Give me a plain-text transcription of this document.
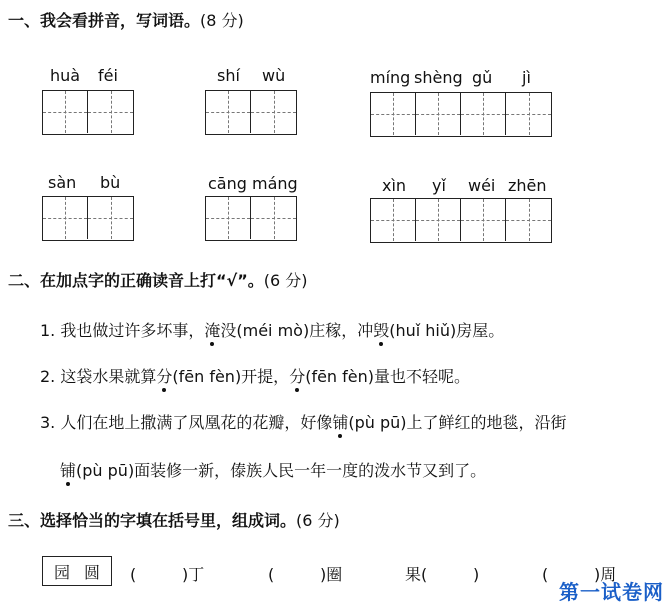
一、我会看拼音，写词语。(8 分)
huà féi	shí wù	míng shèng gǔ jì
sàn bù	cāng máng	xìn yǐ wéi zhēn
二、在加点字的正确读音上打“√”。(6 分)
1. 我也做过许多坏事，淹没(méi mò)庄稼，冲毁(huǐ hiǔ)房屋。
2. 这袋水果就算分(fēn fèn)开提，分(fēn fèn)量也不轻呢。
3. 人们在地上撒满了凤凰花的花瓣，好像铺(pù pū)上了鲜红的地毯，沿街
铺(pù pū)面装修一新，傣族人民一年一度的泼水节又到了。
三、选择恰当的字填在括号里，组成词。(6 分)
园 圆 (         )丁	(         )圈	果(         )	(         )周
第一试卷网
